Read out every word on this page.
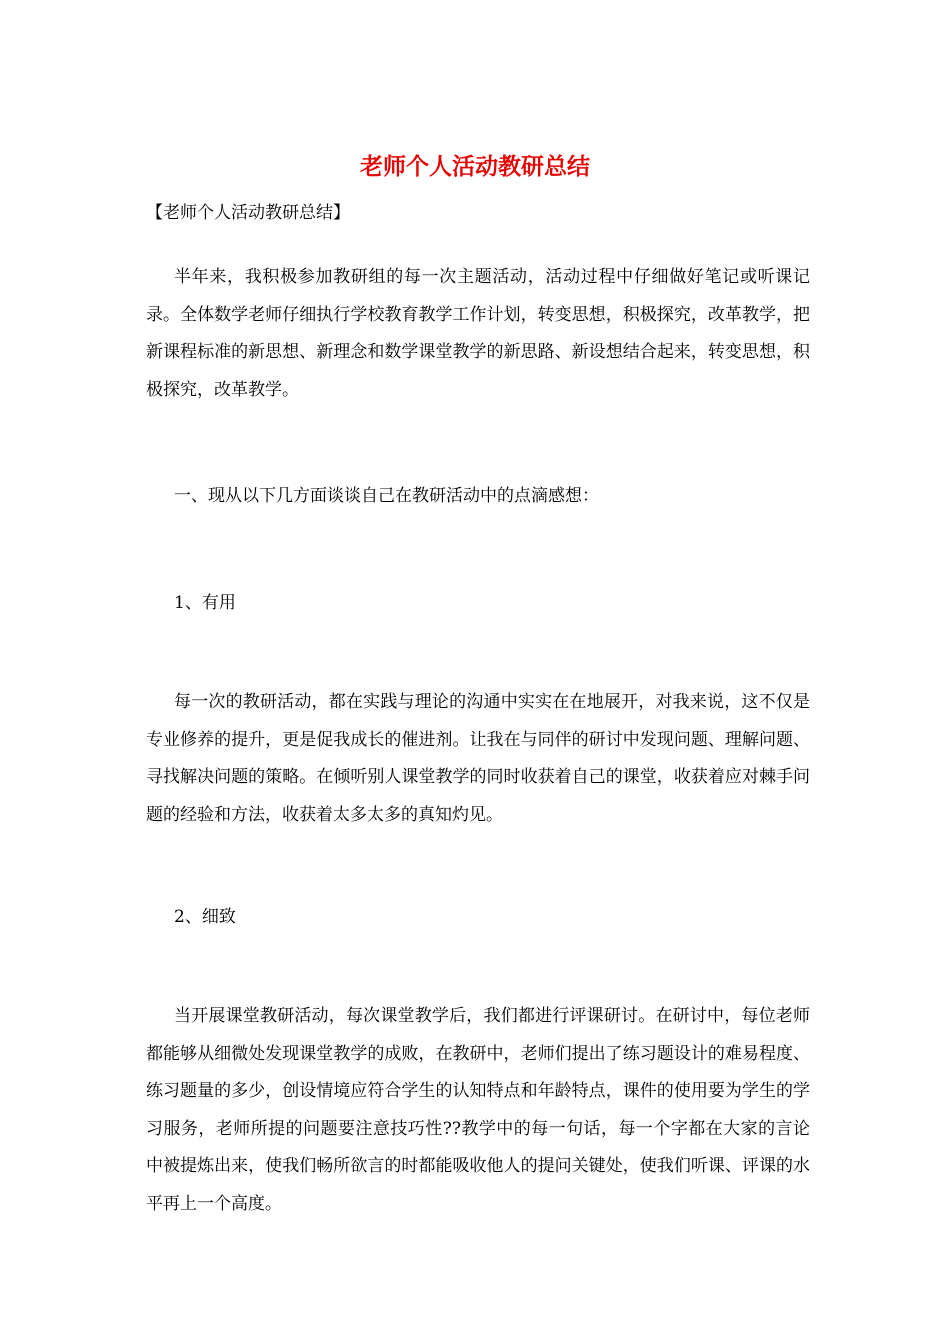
老师个人活动教研总结
【老师个人活动教研总结】

半年来，我积极参加教研组的每一次主题活动，活动过程中仔细做好笔记或听课记录。全体数学老师仔细执行学校教育教学工作计划，转变思想，积极探究，改革教学，把新课程标准的新思想、新理念和数学课堂教学的新思路、新设想结合起来，转变思想，积极探究，改革教学。

一、现从以下几方面谈谈自己在教研活动中的点滴感想：

1、有用

每一次的教研活动，都在实践与理论的沟通中实实在在地展开，对我来说，这不仅是专业修养的提升，更是促我成长的催进剂。让我在与同伴的研讨中发现问题、理解问题、寻找解决问题的策略。在倾听别人课堂教学的同时收获着自己的课堂，收获着应对棘手问题的经验和方法，收获着太多太多的真知灼见。

2、细致

当开展课堂教研活动，每次课堂教学后，我们都进行评课研讨。在研讨中，每位老师都能够从细微处发现课堂教学的成败，在教研中，老师们提出了练习题设计的难易程度、练习题量的多少，创设情境应符合学生的认知特点和年龄特点，课件的使用要为学生的学习服务，老师所提的问题要注意技巧性??教学中的每一句话，每一个字都在大家的言论中被提炼出来，使我们畅所欲言的时都能吸收他人的提问关键处，使我们听课、评课的水平再上一个高度。
